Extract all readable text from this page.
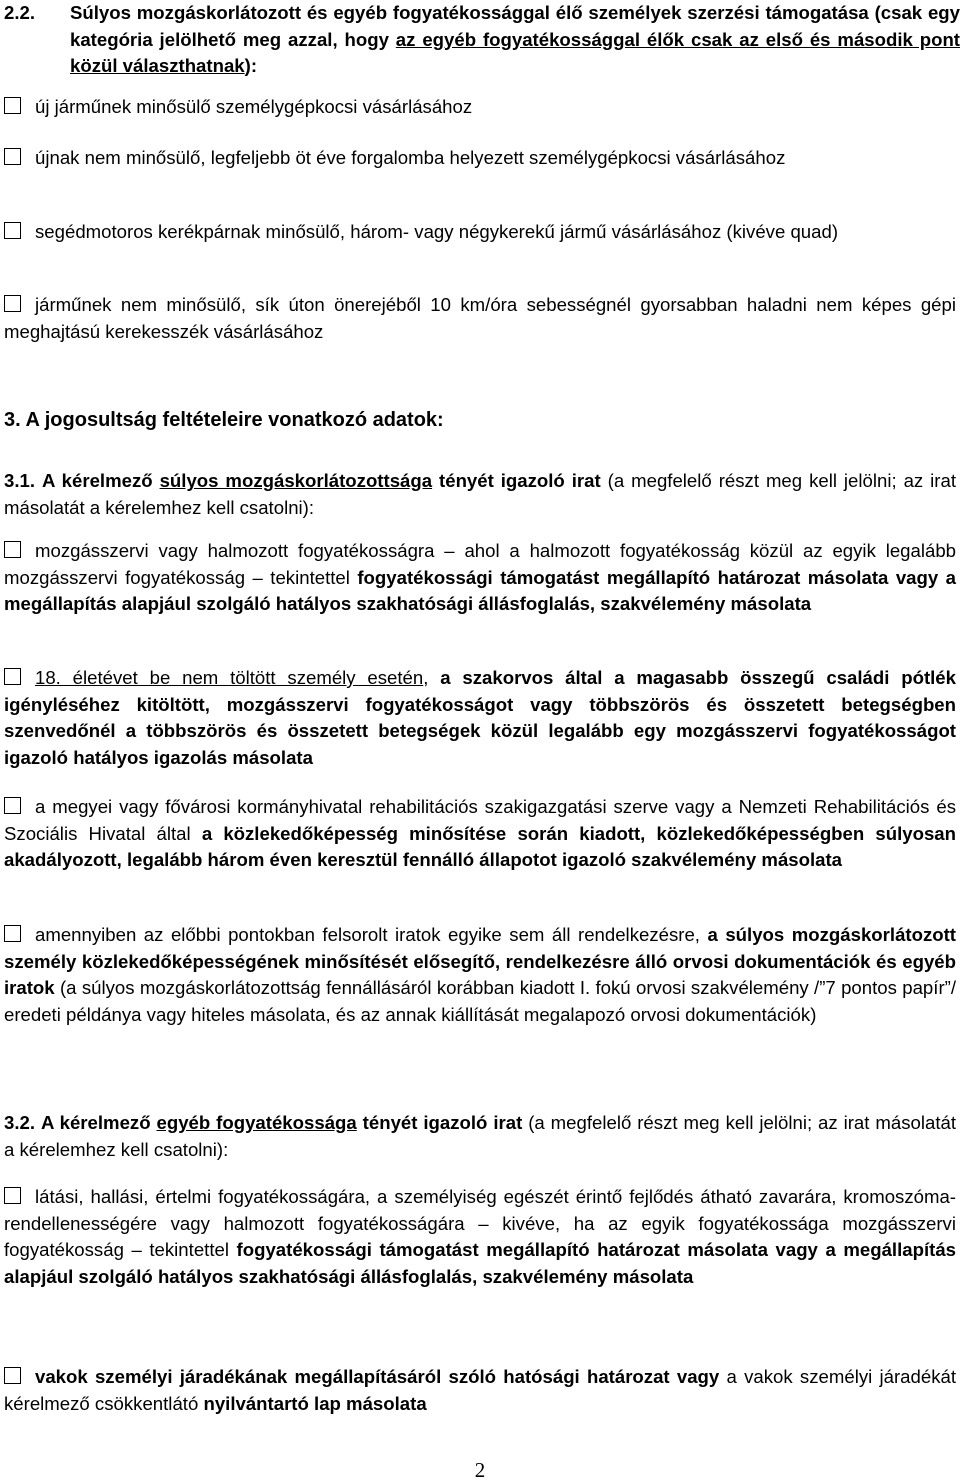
2.2. Súlyos mozgáskorlátozott és egyéb fogyatékossággal élő személyek szerzési támogatása (csak egy kategória jelölhető meg azzal, hogy az egyéb fogyatékossággal élők csak az első és második pont közül választhatnak):

új járműnek minősülő személygépkocsi vásárlásához

újnak nem minősülő, legfeljebb öt éve forgalomba helyezett személygépkocsi vásárlásához

segédmotoros kerékpárnak minősülő, három- vagy négykerekű jármű vásárlásához (kivéve quad)

járműnek nem minősülő, sík úton önerejéből 10 km/óra sebességnél gyorsabban haladni nem képes gépi meghajtású kerekesszék vásárlásához

3. A jogosultság feltételeire vonatkozó adatok:

3.1. A kérelmező súlyos mozgáskorlátozottsága tényét igazoló irat (a megfelelő részt meg kell jelölni; az irat másolatát a kérelemhez kell csatolni):

mozgásszervi vagy halmozott fogyatékosságra – ahol a halmozott fogyatékosság közül az egyik legalább mozgásszervi fogyatékosság – tekintettel fogyatékossági támogatást megállapító határozat másolata vagy a megállapítás alapjául szolgáló hatályos szakhatósági állásfoglalás, szakvélemény másolata

18. életévet be nem töltött személy esetén, a szakorvos által a magasabb összegű családi pótlék igényléséhez kitöltött, mozgásszervi fogyatékosságot vagy többszörös és összetett betegségben szenvedőnél a többszörös és összetett betegségek közül legalább egy mozgásszervi fogyatékosságot igazoló hatályos igazolás másolata

a megyei vagy fővárosi kormányhivatal rehabilitációs szakigazgatási szerve vagy a Nemzeti Rehabilitációs és Szociális Hivatal által a közlekedőképesség minősítése során kiadott, közlekedőképességben súlyosan akadályozott, legalább három éven keresztül fennálló állapotot igazoló szakvélemény másolata

amennyiben az előbbi pontokban felsorolt iratok egyike sem áll rendelkezésre, a súlyos mozgáskorlátozott személy közlekedőképességének minősítését elősegítő, rendelkezésre álló orvosi dokumentációk és egyéb iratok (a súlyos mozgáskorlátozottság fennállásáról korábban kiadott I. fokú orvosi szakvélemény /”7 pontos papír”/ eredeti példánya vagy hiteles másolata, és az annak kiállítását megalapozó orvosi dokumentációk)

3.2. A kérelmező egyéb fogyatékossága tényét igazoló irat (a megfelelő részt meg kell jelölni; az irat másolatát a kérelemhez kell csatolni):

látási, hallási, értelmi fogyatékosságára, a személyiség egészét érintő fejlődés átható zavarára, kromoszóma-rendellenességére vagy halmozott fogyatékosságára – kivéve, ha az egyik fogyatékossága mozgásszervi fogyatékosság – tekintettel fogyatékossági támogatást megállapító határozat másolata vagy a megállapítás alapjául szolgáló hatályos szakhatósági állásfoglalás, szakvélemény másolata

vakok személyi járadékának megállapításáról szóló hatósági határozat vagy a vakok személyi járadékát kérelmező csökkentlátó nyilvántartó lap másolata

2
